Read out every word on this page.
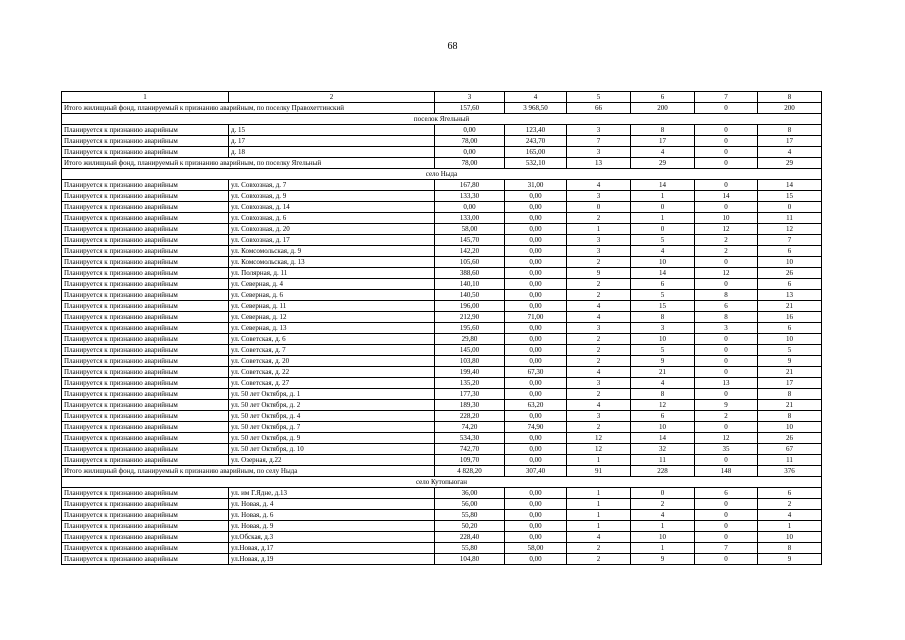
68
1	2	3	4	5	6	7	8
Итого жилищный фонд, планируемый к признанию аварийным, по поселку Правохеттинский		157,60	3 968,50	66	200	0	200
поселок Ягельный							
Планируется к признанию аварийным	д. 15	0,00	123,40	3	8	0	8
Планируется к признанию аварийным	д. 17	78,00	243,70	7	17	0	17
Планируется к признанию аварийным	д. 18	0,00	165,00	3	4	0	4
Итого жилищный фонд, планируемый к признанию аварийным, по поселку Ягельный		78,00	532,10	13	29	0	29
село Ныда							
Планируется к признанию аварийным	ул. Совхозная, д. 7	167,80	31,00	4	14	0	14
Планируется к признанию аварийным	ул. Совхозная, д. 9	133,30	0,00	3	1	14	15
Планируется к признанию аварийным	ул. Совхозная, д. 14	0,00	0,00	0	0	0	0
Планируется к признанию аварийным	ул. Совхозная, д. 6	133,00	0,00	2	1	10	11
Планируется к признанию аварийным	ул. Совхозная, д. 20	58,00	0,00	1	0	12	12
Планируется к признанию аварийным	ул. Совхозная, д. 17	145,70	0,00	3	5	2	7
Планируется к признанию аварийным	ул. Комсомольская, д. 9	142,20	0,00	3	4	2	6
Планируется к признанию аварийным	ул. Комсомольская, д. 13	105,60	0,00	2	10	0	10
Планируется к признанию аварийным	ул. Полярная, д. 11	388,60	0,00	9	14	12	26
Планируется к признанию аварийным	ул. Северная, д. 4	140,10	0,00	2	6	0	6
Планируется к признанию аварийным	ул. Северная, д. 6	140,50	0,00	2	5	8	13
Планируется к признанию аварийным	ул. Северная, д. 11	196,00	0,00	4	15	6	21
Планируется к признанию аварийным	ул. Северная, д. 12	212,90	71,00	4	8	8	16
Планируется к признанию аварийным	ул. Северная, д. 13	195,60	0,00	3	3	3	6
Планируется к признанию аварийным	ул. Советская, д. 6	29,80	0,00	2	10	0	10
Планируется к признанию аварийным	ул. Советская, д. 7	145,00	0,00	2	5	0	5
Планируется к признанию аварийным	ул. Советская, д. 20	103,80	0,00	2	9	0	9
Планируется к признанию аварийным	ул. Советская, д. 22	199,40	67,30	4	21	0	21
Планируется к признанию аварийным	ул. Советская, д. 27	135,20	0,00	3	4	13	17
Планируется к признанию аварийным	ул. 50 лет Октября, д. 1	177,30	0,00	2	8	0	8
Планируется к признанию аварийным	ул. 50 лет Октября, д. 2	189,30	63,20	4	12	9	21
Планируется к признанию аварийным	ул. 50 лет Октября, д. 4	228,20	0,00	3	6	2	8
Планируется к признанию аварийным	ул. 50 лет Октября, д. 7	74,20	74,90	2	10	0	10
Планируется к признанию аварийным	ул. 50 лет Октября, д. 9	534,30	0,00	12	14	12	26
Планируется к признанию аварийным	ул. 50 лет Октября, д. 10	742,70	0,00	12	32	35	67
Планируется к признанию аварийным	ул. Озерная, д.22	109,70	0,00	1	11	0	11
Итого жилищный фонд, планируемый к признанию аварийным, по селу Ныда		4 828,20	307,40	91	228	148	376
село Кутопьюган							
Планируется к признанию аварийным	ул. им Г.Ядне, д.13	36,00	0,00	1	0	6	6
Планируется к признанию аварийным	ул. Новая, д. 4	56,00	0,00	1	2	0	2
Планируется к признанию аварийным	ул. Новая, д. 6	55,80	0,00	1	4	0	4
Планируется к признанию аварийным	ул. Новая, д. 9	50,20	0,00	1	1	0	1
Планируется к признанию аварийным	ул.Обская, д.3	228,40	0,00	4	10	0	10
Планируется к признанию аварийным	ул.Новая, д.17	55,80	58,00	2	1	7	8
Планируется к признанию аварийным	ул.Новая, д.19	104,80	0,00	2	9	0	9
